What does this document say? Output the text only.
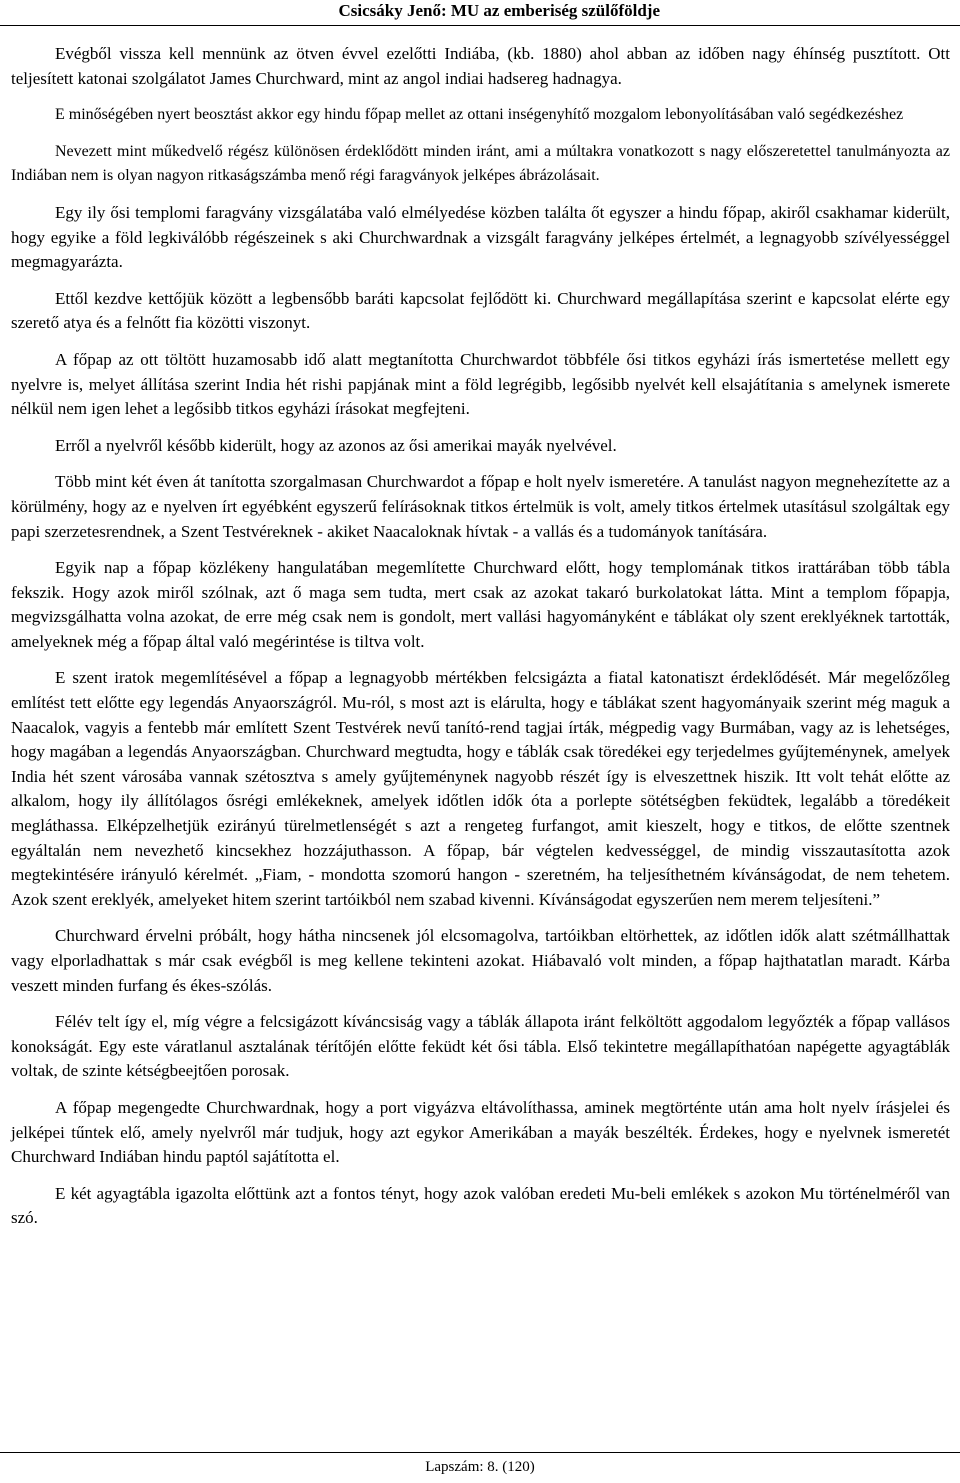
Csicsáky Jenő: MU az emberiség szülőföldje

Evégből vissza kell mennünk az ötven évvel ezelőtti Indiába, (kb. 1880) ahol abban az időben nagy éhínség pusztított. Ott teljesített katonai szolgálatot James Churchward, mint az angol indiai hadsereg hadnagya.

E minőségében nyert beosztást akkor egy hindu főpap mellet az ottani inségenyhítő mozgalom lebonyolításában való segédkezéshez

Nevezett mint műkedvelő régész különösen érdeklődött minden iránt, ami a múltakra vonatkozott s nagy előszeretettel tanulmányozta az Indiában nem is olyan nagyon ritkaságszámba menő régi faragványok jelképes ábrázolásait.

Egy ily ősi templomi faragvány vizsgálatába való elmélyedése közben találta őt egyszer a hindu főpap, akiről csakhamar kiderült, hogy egyike a föld legkiválóbb régészeinek s aki Churchwardnak a vizsgált faragvány jelképes értelmét, a legnagyobb szívélyességgel megmagyarázta.

Ettől kezdve kettőjük között a legbensőbb baráti kapcsolat fejlődött ki. Churchward megállapítása szerint e kapcsolat elérte egy szerető atya és a felnőtt fia közötti viszonyt.

A főpap az ott töltött huzamosabb idő alatt megtanította Churchwardot többféle ősi titkos egyházi írás ismertetése mellett egy nyelvre is, melyet állítása szerint India hét rishi papjának mint a föld legrégibb, legősibb nyelvét kell elsajátítania s amelynek ismerete nélkül nem igen lehet a legősibb titkos egyházi írásokat megfejteni.

Erről a nyelvről később kiderült, hogy az azonos az ősi amerikai mayák nyelvével.

Több mint két éven át tanította szorgalmasan Churchwardot a főpap e holt nyelv ismeretére. A tanulást nagyon megnehezítette az a körülmény, hogy az e nyelven írt egyébként egyszerű felírásoknak titkos értelmük is volt, amely titkos értelmek utasításul szolgáltak egy papi szerzetesrendnek, a Szent Testvéreknek - akiket Naacaloknak hívtak - a vallás és a tudományok tanítására.

Egyik nap a főpap közlékeny hangulatában megemlítette Churchward előtt, hogy templomának titkos irattárában több tábla fekszik. Hogy azok miről szólnak, azt ő maga sem tudta, mert csak az azokat takaró burkolatokat látta. Mint a templom főpapja, megvizsgálhatta volna azokat, de erre még csak nem is gondolt, mert vallási hagyományként e táblákat oly szent ereklyéknek tartották, amelyeknek még a főpap által való megérintése is tiltva volt.

E szent iratok megemlítésével a főpap a legnagyobb mértékben felcsigázta a fiatal katonatiszt érdeklődését. Már megelőzőleg említést tett előtte egy legendás Anyaországról. Mu-ról, s most azt is elárulta, hogy e táblákat szent hagyományaik szerint még maguk a Naacalok, vagyis a fentebb már említett Szent Testvérek nevű tanító-rend tagjai írták, mégpedig vagy Burmában, vagy az is lehetséges, hogy magában a legendás Anyaországban. Churchward megtudta, hogy e táblák csak töredékei egy terjedelmes gyűjteménynek, amelyek India hét szent városába vannak szétosztva s amely gyűjteménynek nagyobb részét így is elveszettnek hiszik. Itt volt tehát előtte az alkalom, hogy ily állítólagos ősrégi emlékeknek, amelyek időtlen idők óta a porlepte sötétségben feküdtek, legalább a töredékeit megláthassa. Elképzelhetjük ezirányú türelmetlenségét s azt a rengeteg furfangot, amit kieszelt, hogy e titkos, de előtte szentnek egyáltalán nem nevezhető kincsekhez hozzájuthasson. A főpap, bár végtelen kedvességgel, de mindig visszautasította azok megtekintésére irányuló kérelmét. „Fiam, - mondotta szomorú hangon - szeretném, ha teljesíthetném kívánságodat, de nem tehetem. Azok szent ereklyék, amelyeket hitem szerint tartóikból nem szabad kivenni. Kívánságodat egyszerűen nem merem teljesíteni.”

Churchward érvelni próbált, hogy hátha nincsenek jól elcsomagolva, tartóikban eltörhettek, az időtlen idők alatt szétmállhattak vagy elporladhattak s már csak evégből is meg kellene tekinteni azokat. Hiábavaló volt minden, a főpap hajthatatlan maradt. Kárba veszett minden furfang és ékes-szólás.

Félév telt így el, míg végre a felcsigázott kíváncsiság vagy a táblák állapota iránt felköltött aggodalom legyőzték a főpap vallásos konokságát. Egy este váratlanul asztalának térítőjén előtte feküdt két ősi tábla. Első tekintetre megállapíthatóan napégette agyagtáblák voltak, de szinte kétségbeejtően porosak.

A főpap megengedte Churchwardnak, hogy a port vigyázva eltávolíthassa, aminek megtörténte után ama holt nyelv írásjelei és jelképei tűntek elő, amely nyelvről már tudjuk, hogy azt egykor Amerikában a mayák beszélték. Érdekes, hogy e nyelvnek ismeretét Churchward Indiában hindu paptól sajátította el.

E két agyagtábla igazolta előttünk azt a fontos tényt, hogy azok valóban eredeti Mu-beli emlékek s azokon Mu történelméről van szó.

Lapszám: 8. (120)
